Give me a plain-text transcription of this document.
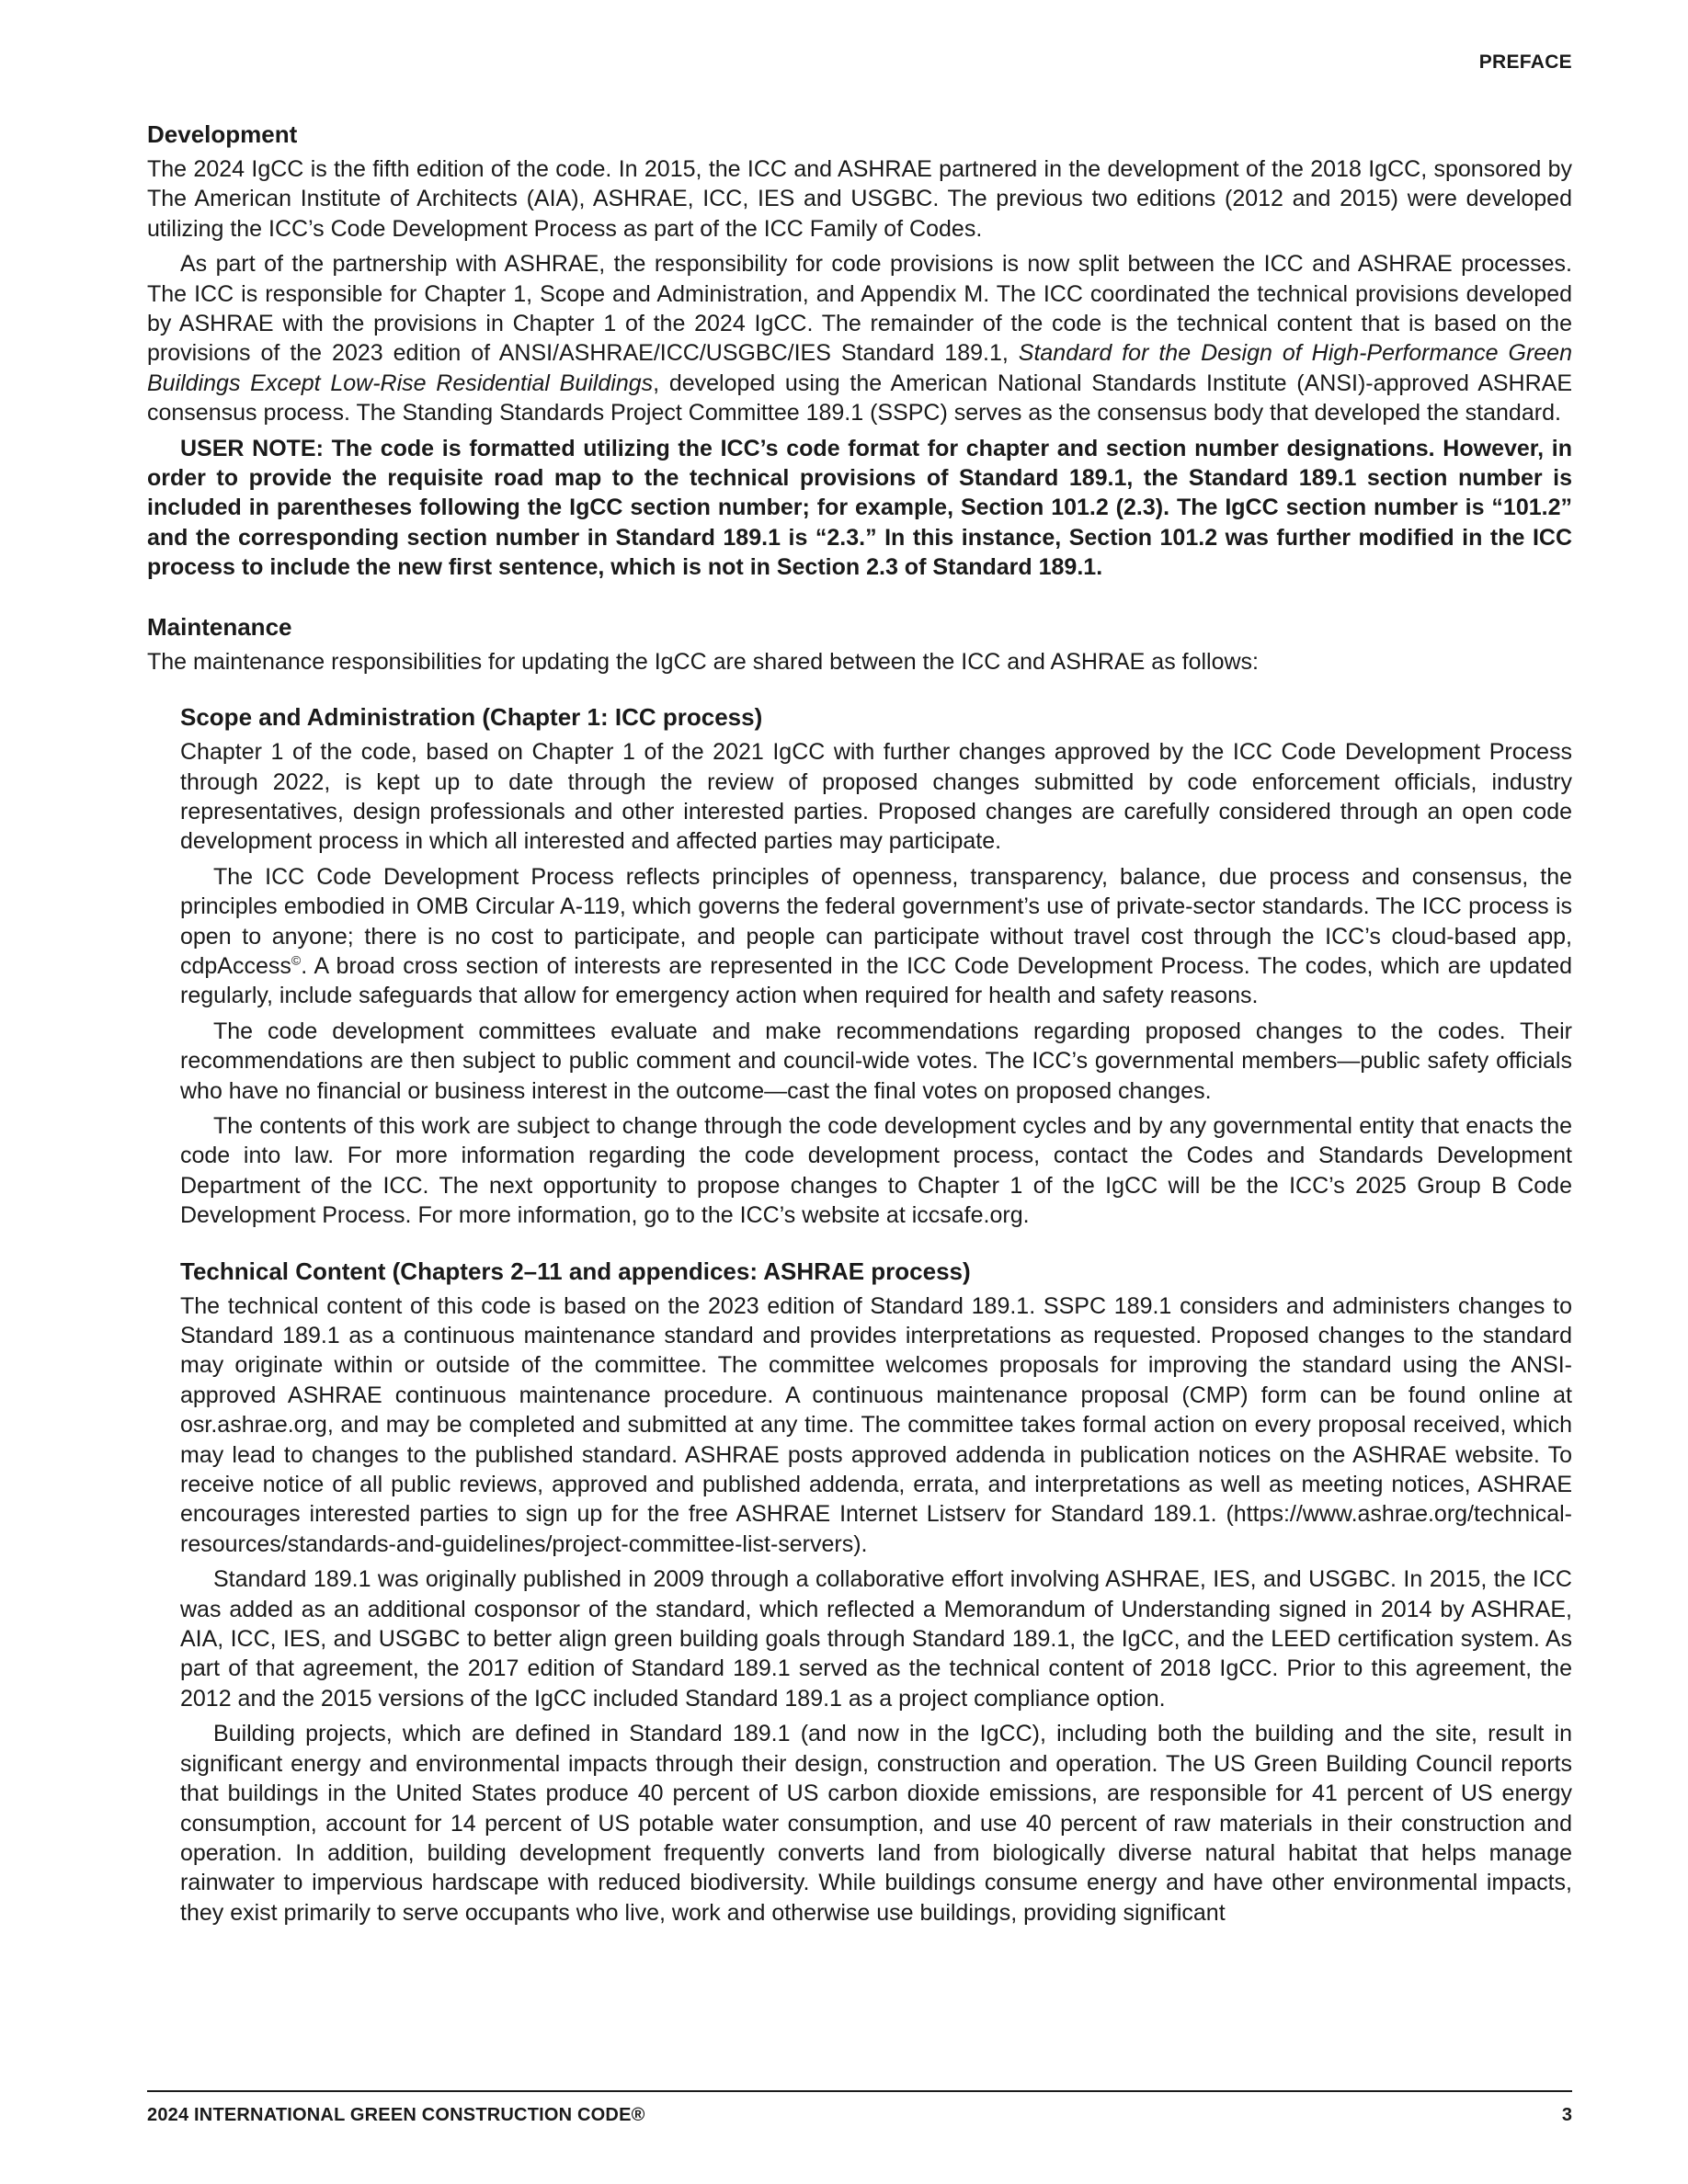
PREFACE
Development

The 2024 IgCC is the fifth edition of the code. In 2015, the ICC and ASHRAE partnered in the development of the 2018 IgCC, sponsored by The American Institute of Architects (AIA), ASHRAE, ICC, IES and USGBC. The previous two editions (2012 and 2015) were developed utilizing the ICC’s Code Development Process as part of the ICC Family of Codes.

As part of the partnership with ASHRAE, the responsibility for code provisions is now split between the ICC and ASHRAE processes. The ICC is responsible for Chapter 1, Scope and Administration, and Appendix M. The ICC coordinated the technical provisions developed by ASHRAE with the provisions in Chapter 1 of the 2024 IgCC. The remainder of the code is the technical content that is based on the provisions of the 2023 edition of ANSI/ASHRAE/ICC/USGBC/IES Standard 189.1, Standard for the Design of High-Performance Green Buildings Except Low-Rise Residential Buildings, developed using the American National Standards Institute (ANSI)-approved ASHRAE consensus process. The Standing Standards Project Committee 189.1 (SSPC) serves as the consensus body that developed the standard.

USER NOTE: The code is formatted utilizing the ICC’s code format for chapter and section number designations. However, in order to provide the requisite road map to the technical provisions of Standard 189.1, the Standard 189.1 section number is included in parentheses following the IgCC section number; for example, Section 101.2 (2.3). The IgCC section number is “101.2” and the corresponding section number in Standard 189.1 is “2.3.” In this instance, Section 101.2 was further modified in the ICC process to include the new first sentence, which is not in Section 2.3 of Standard 189.1.

Maintenance

The maintenance responsibilities for updating the IgCC are shared between the ICC and ASHRAE as follows:

Scope and Administration (Chapter 1: ICC process)

Chapter 1 of the code, based on Chapter 1 of the 2021 IgCC with further changes approved by the ICC Code Development Process through 2022, is kept up to date through the review of proposed changes submitted by code enforcement officials, industry representatives, design professionals and other interested parties. Proposed changes are carefully considered through an open code development process in which all interested and affected parties may participate.

The ICC Code Development Process reflects principles of openness, transparency, balance, due process and consensus, the principles embodied in OMB Circular A-119, which governs the federal government’s use of private-sector standards. The ICC process is open to anyone; there is no cost to participate, and people can participate without travel cost through the ICC’s cloud-based app, cdpAccess©. A broad cross section of interests are represented in the ICC Code Development Process. The codes, which are updated regularly, include safeguards that allow for emergency action when required for health and safety reasons.

The code development committees evaluate and make recommendations regarding proposed changes to the codes. Their recommendations are then subject to public comment and council-wide votes. The ICC’s governmental members—public safety officials who have no financial or business interest in the outcome—cast the final votes on proposed changes.

The contents of this work are subject to change through the code development cycles and by any governmental entity that enacts the code into law. For more information regarding the code development process, contact the Codes and Standards Development Department of the ICC. The next opportunity to propose changes to Chapter 1 of the IgCC will be the ICC’s 2025 Group B Code Development Process. For more information, go to the ICC’s website at iccsafe.org.

Technical Content (Chapters 2–11 and appendices: ASHRAE process)

The technical content of this code is based on the 2023 edition of Standard 189.1. SSPC 189.1 considers and administers changes to Standard 189.1 as a continuous maintenance standard and provides interpretations as requested. Proposed changes to the standard may originate within or outside of the committee. The committee welcomes proposals for improving the standard using the ANSI-approved ASHRAE continuous maintenance procedure. A continuous maintenance proposal (CMP) form can be found online at osr.ashrae.org, and may be completed and submitted at any time. The committee takes formal action on every proposal received, which may lead to changes to the published standard. ASHRAE posts approved addenda in publication notices on the ASHRAE website. To receive notice of all public reviews, approved and published addenda, errata, and interpretations as well as meeting notices, ASHRAE encourages interested parties to sign up for the free ASHRAE Internet Listserv for Standard 189.1. (https://www.ashrae.org/technical-resources/standards-and-guidelines/project-committee-list-servers).

Standard 189.1 was originally published in 2009 through a collaborative effort involving ASHRAE, IES, and USGBC. In 2015, the ICC was added as an additional cosponsor of the standard, which reflected a Memorandum of Understanding signed in 2014 by ASHRAE, AIA, ICC, IES, and USGBC to better align green building goals through Standard 189.1, the IgCC, and the LEED certification system. As part of that agreement, the 2017 edition of Standard 189.1 served as the technical content of 2018 IgCC. Prior to this agreement, the 2012 and the 2015 versions of the IgCC included Standard 189.1 as a project compliance option.

Building projects, which are defined in Standard 189.1 (and now in the IgCC), including both the building and the site, result in significant energy and environmental impacts through their design, construction and operation. The US Green Building Council reports that buildings in the United States produce 40 percent of US carbon dioxide emissions, are responsible for 41 percent of US energy consumption, account for 14 percent of US potable water consumption, and use 40 percent of raw materials in their construction and operation. In addition, building development frequently converts land from biologically diverse natural habitat that helps manage rainwater to impervious hardscape with reduced biodiversity. While buildings consume energy and have other environmental impacts, they exist primarily to serve occupants who live, work and otherwise use buildings, providing significant

2024 INTERNATIONAL GREEN CONSTRUCTION CODE®	3
